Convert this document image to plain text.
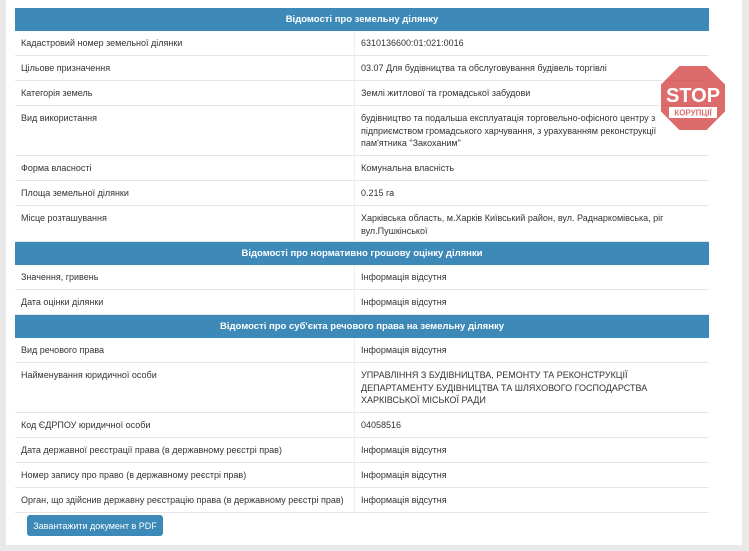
Відомості про земельну ділянку
Кадастровий номер земельної ділянки	6310136600:01:021:0016
Цільове призначення	03.07 Для будівництва та обслуговування будівель торгівлі
Категорія земель	Землі житлової та громадської забудови
Вид використання	будівництво та подальша експлуатація торговельно-офісного центру з підприємством громадського харчування, з урахуванням реконструкції пам'ятника "Закоханим"
Форма власності	Комунальна власність
Площа земельної ділянки	0.215 га
Місце розташування	Харківська область, м.Харків Київський район, вул. Раднаркомівська, ріг вул.Пушкінської
Відомості про нормативно грошову оцінку ділянки
Значення, гривень	Інформація відсутня
Дата оцінки ділянки	Інформація відсутня
Відомості про суб'єкта речового права на земельну ділянку
Вид речового права	Інформація відсутня
Найменування юридичної особи	УПРАВЛІННЯ З БУДІВНИЦТВА, РЕМОНТУ ТА РЕКОНСТРУКЦІЇ ДЕПАРТАМЕНТУ БУДІВНИЦТВА ТА ШЛЯХОВОГО ГОСПОДАРСТВА ХАРКІВСЬКОЇ МІСЬКОЇ РАДИ
Код ЄДРПОУ юридичної особи	04058516
Дата державної реєстрації права (в державному реєстрі прав)	Інформація відсутня
Номер запису про право (в державному реєстрі прав)	Інформація відсутня
Орган, що здійснив державну реєстрацію права (в державному реєстрі прав)	Інформація відсутня
Завантажити документ в PDF
STOP
КОРУПЦІЇ
